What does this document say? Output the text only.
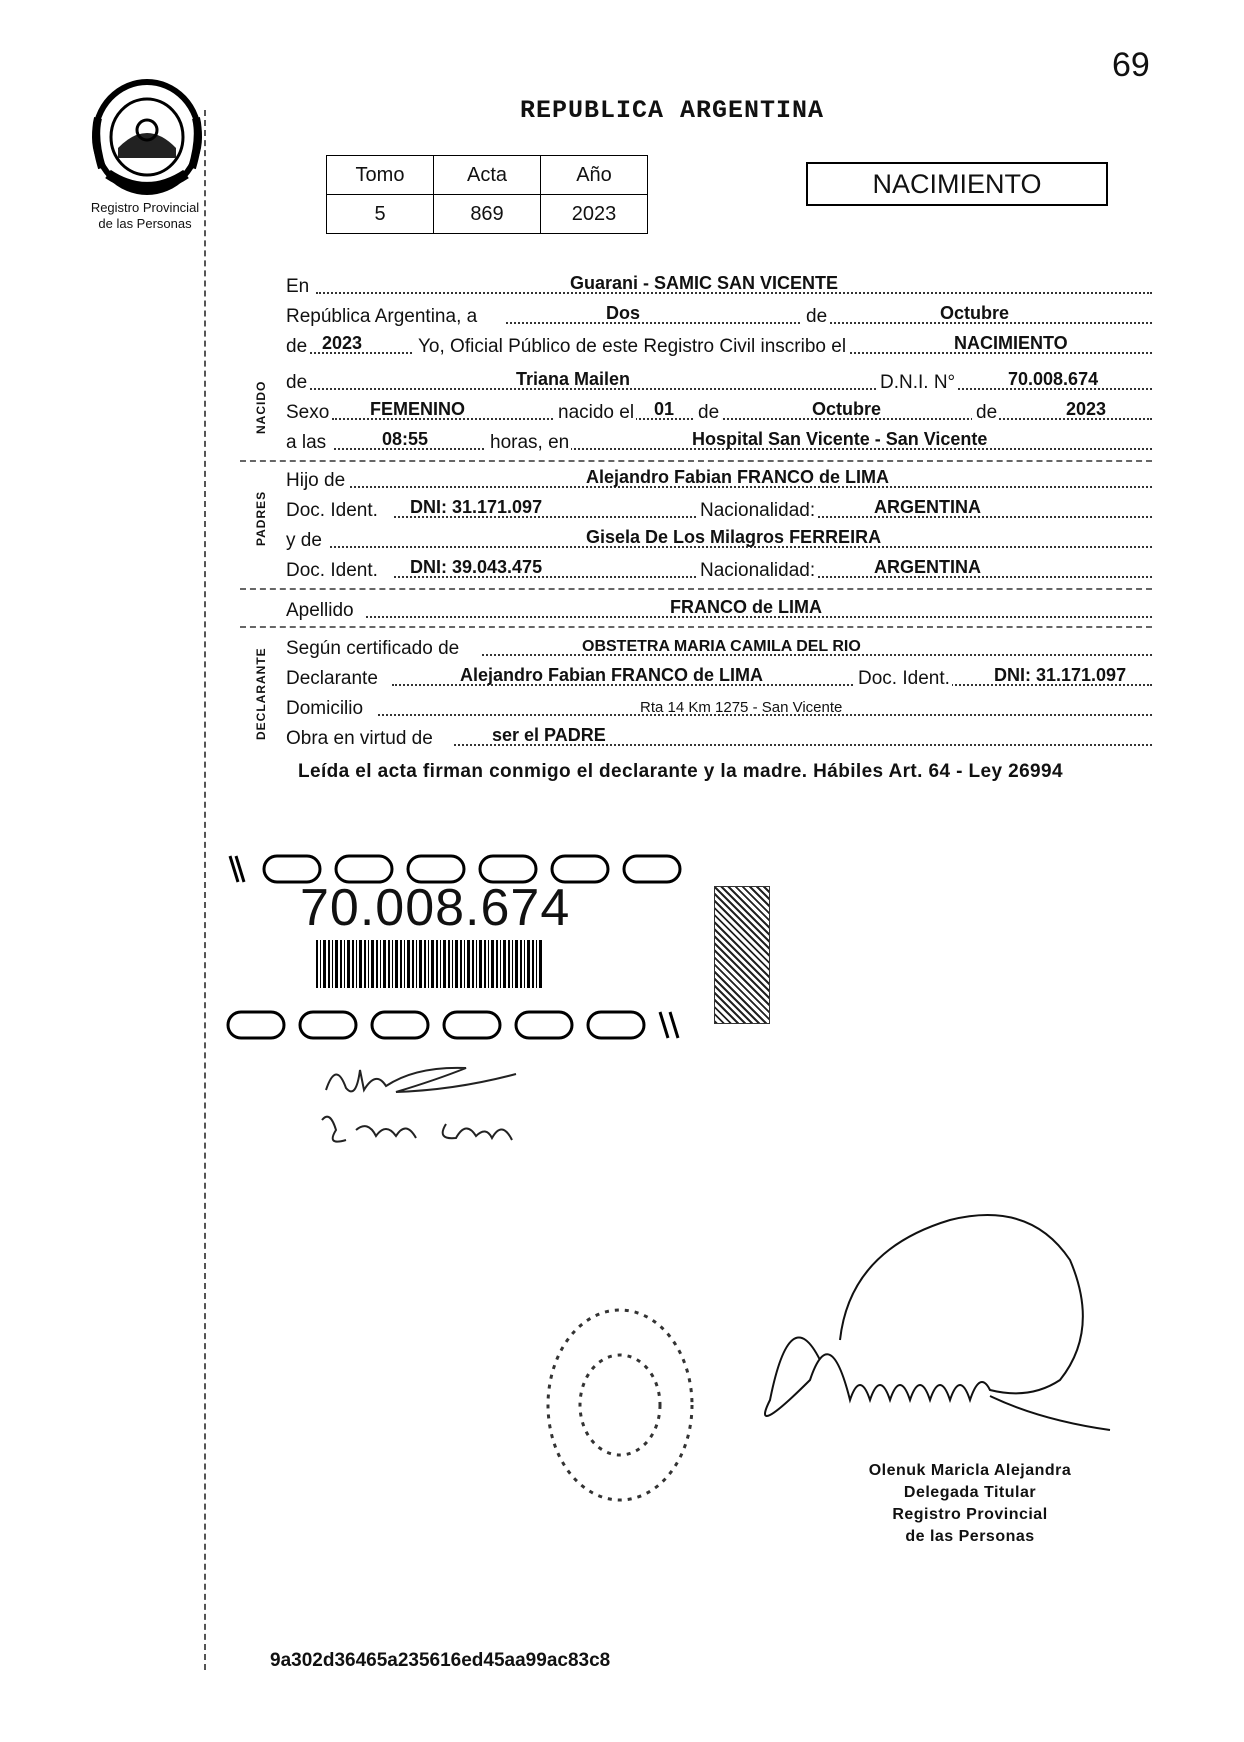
69
REPUBLICA ARGENTINA
Registro Provincial
de las Personas
Tomo	Acta	Año
5	869	2023
NACIMIENTO
NACIDO
PADRES
DECLARANTE
En	Guarani - SAMIC SAN VICENTE
República Argentina, a	Dos	de	Octubre
de 2023	Yo, Oficial Público de este Registro Civil inscribo el	NACIMIENTO
de	Triana Mailen	D.N.I. N°	70.008.674
Sexo FEMENINO	nacido el 01 de	Octubre	de	2023
a las	08:55	horas, en	Hospital San Vicente - San Vicente
Hijo de	Alejandro Fabian FRANCO de LIMA
Doc. Ident. DNI: 31.171.097	Nacionalidad:	ARGENTINA
y de	Gisela De Los Milagros FERREIRA
Doc. Ident. DNI: 39.043.475	Nacionalidad:	ARGENTINA
Apellido	FRANCO de LIMA
Según certificado de	OBSTETRA MARIA CAMILA DEL RIO
Declarante	Alejandro Fabian FRANCO de LIMA	Doc. Ident. DNI: 31.171.097
Domicilio	Rta 14 Km 1275 - San Vicente
Obra en virtud de	ser el PADRE
Leída el acta firman conmigo el declarante y la madre. Hábiles Art. 64 - Ley 26994
70.008.674
Olenuk Maricla Alejandra
Delegada Titular
Registro Provincial
de las Personas
9a302d36465a235616ed45aa99ac83c8
